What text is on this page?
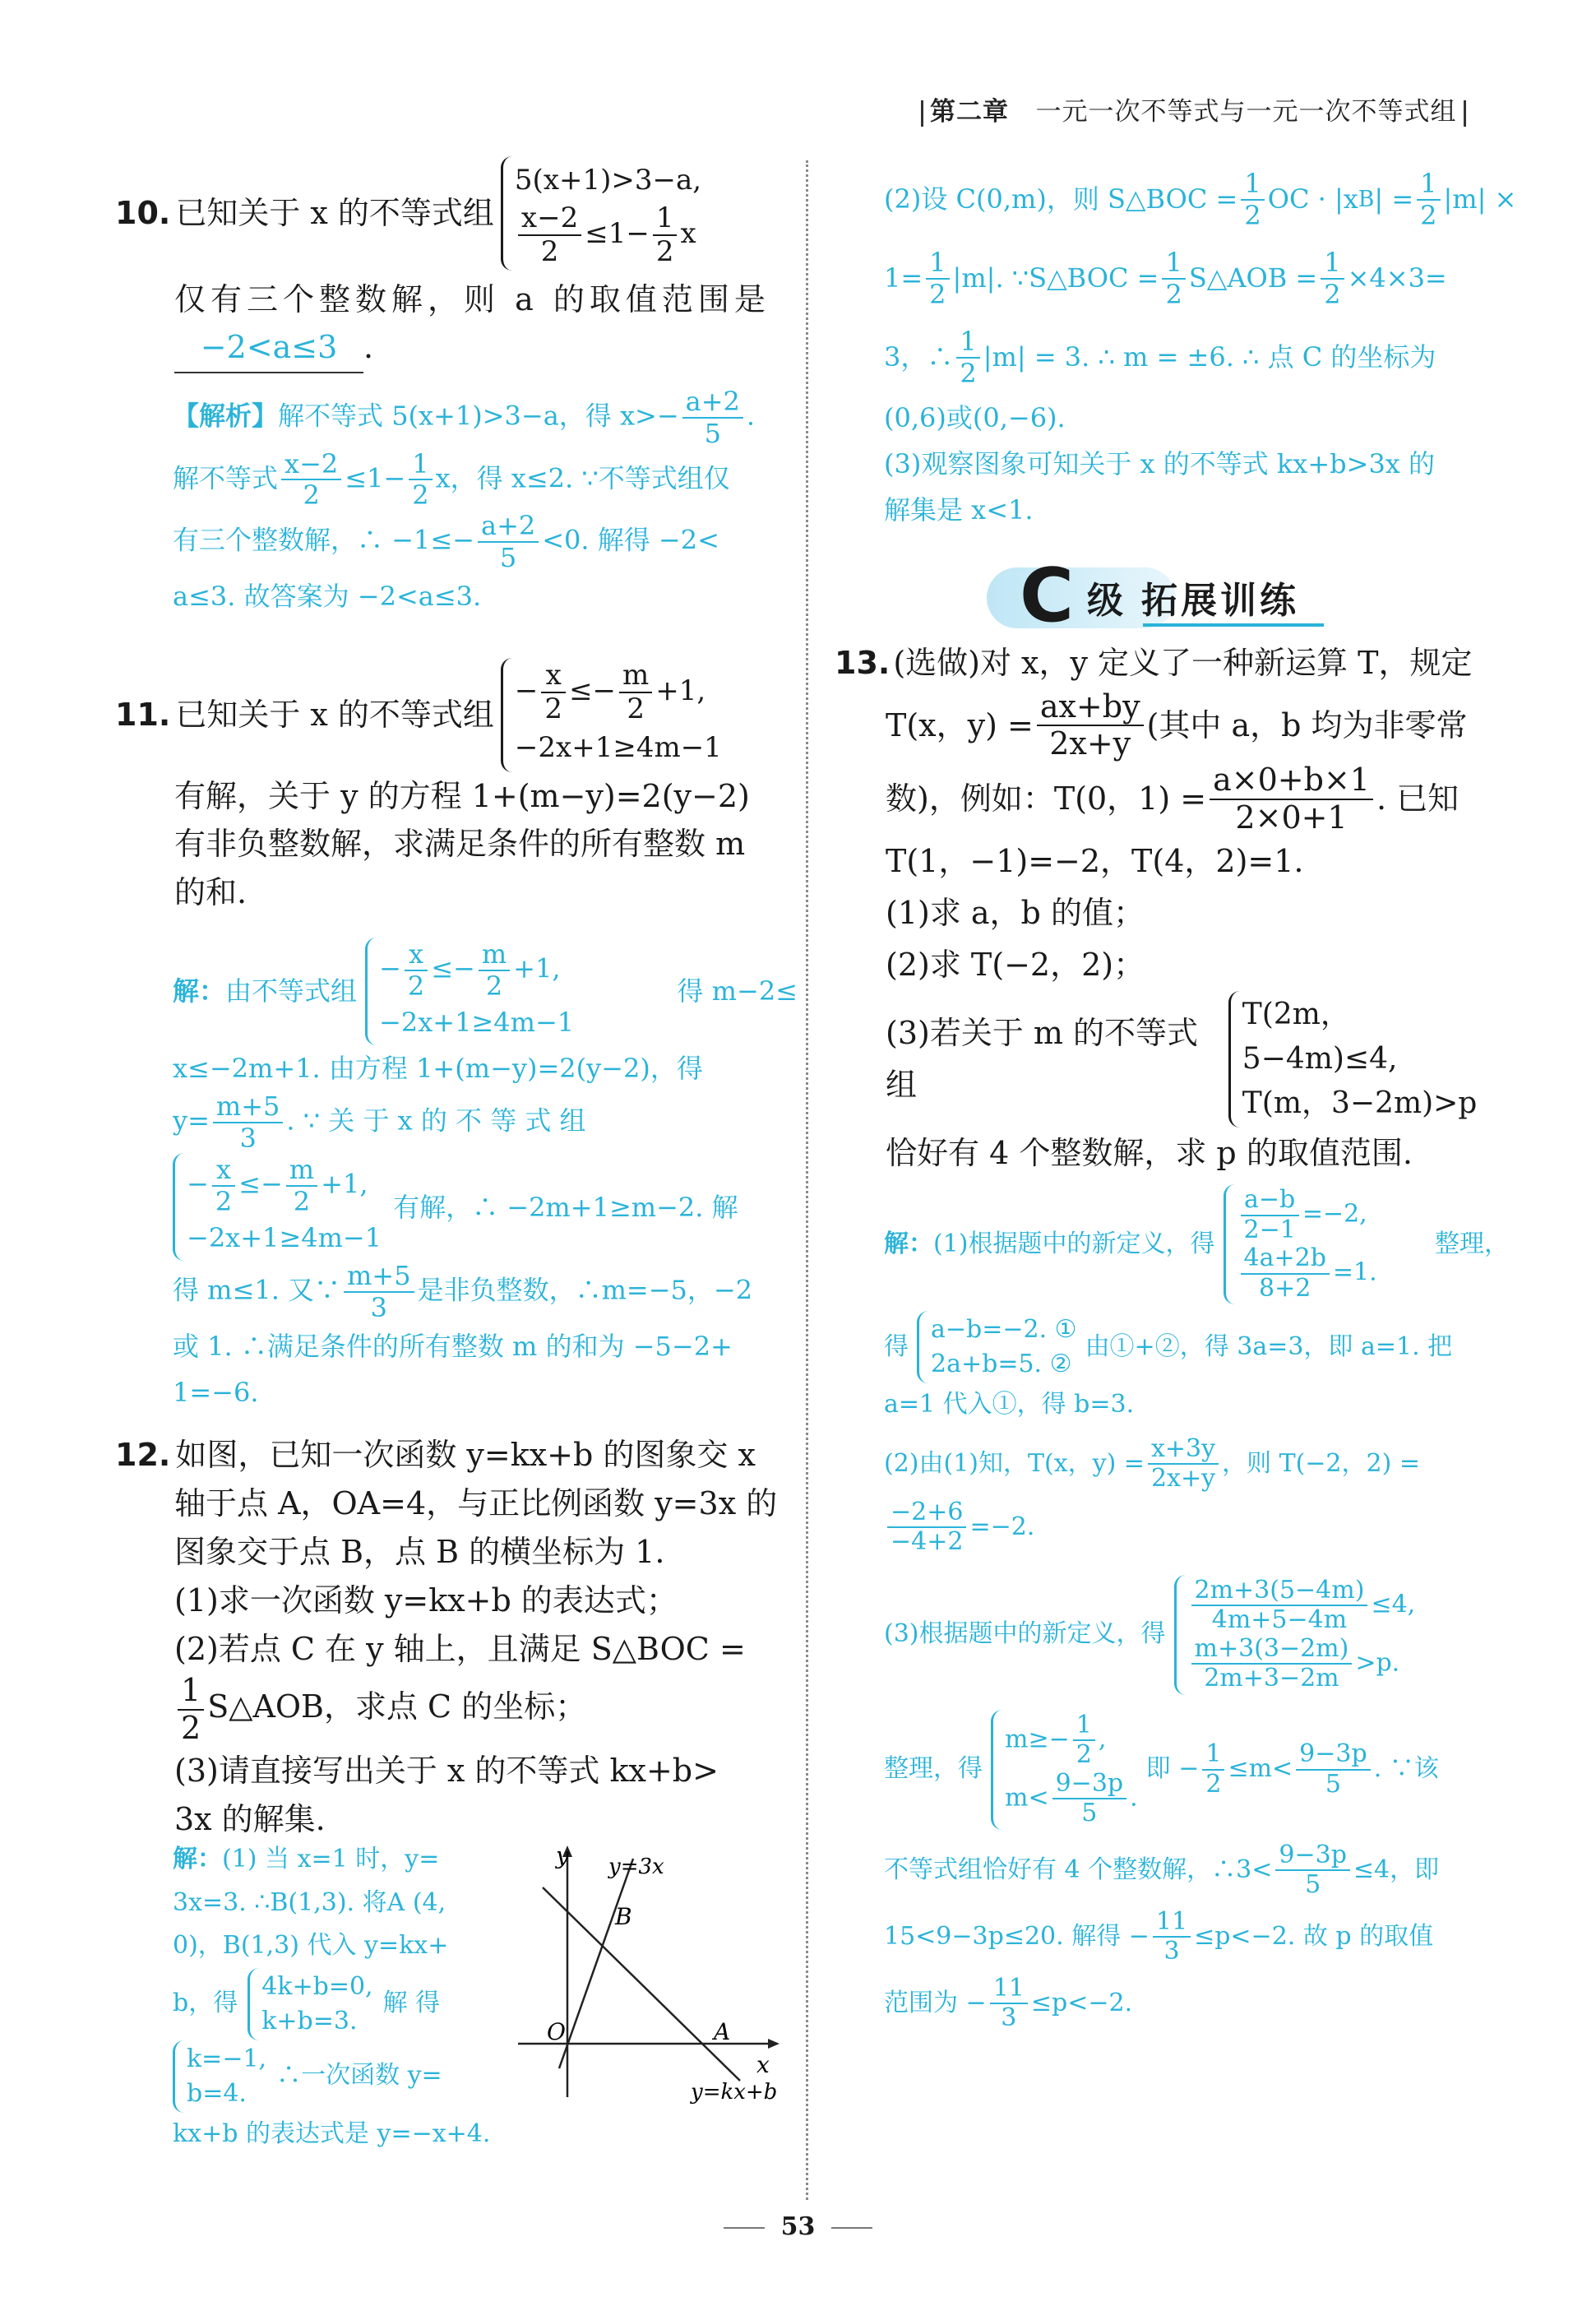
第二章 一元一次不等式与一元一次不等式组
10. 已知关于 x 的不等式组
5(x+1)>3−a,
$\frac{x-2}{2} \le 1- \frac{1}{2}$ x
仅有三个整数解，则 a 的取值范围是
−2<a≤3 .
【解析】解不等式 5(x+1)>3−a，得 $x>- \frac{a+2}{5}$ .
解不等式 $\frac{x-2}{2} \le 1- \frac{1}{2}$ x，得 x≤2. ∵不等式组仅
有三个整数解，∴ $-1\le- \frac{a+2}{5} <0$. 解得 −2<
a≤3. 故答案为 −2<a≤3.
11. 已知关于 x 的不等式组
− $\frac{x}{2} \le- \frac{m}{2} +1$,
−2x+1≥4m−1
有解，关于 y 的方程 1+(m−y)=2(y−2)
有非负整数解，求满足条件的所有整数 m
的和.
解： 由不等式组
− $\frac{x}{2} \le- \frac{m}{2} +1$,
−2x+1≥4m−1
得 m−2≤
x≤−2m+1. 由方程 1+(m−y)=2(y−2)，得
$y= \frac{m+5}{3}$ . ∵ 关 于 x 的 不 等 式 组
− $\frac{x}{2} \le- \frac{m}{2} +1$,
−2x+1≥4m−1
有解，∴ −2m+1≥m−2. 解
得 m≤1. 又∵ $\frac{m+5}{3}$ 是非负整数，∴m=−5，−2
或 1. ∴满足条件的所有整数 m 的和为 −5−2+
1=−6.
12. 如图，已知一次函数 y=kx+b 的图象交 x
轴于点 A，OA=4，与正比例函数 y=3x 的
图象交于点 B，点 B 的横坐标为 1.
(1)求一次函数 y=kx+b 的表达式；
(2)若点 C 在 y 轴上，且满足 S△BOC =
$\frac{1}{2}$ S△AOB，求点 C 的坐标；
(3)请直接写出关于 x 的不等式 kx+b>
3x 的解集.
解：(1) 当 x=1 时，y=
3x=3. ∴B(1,3). 将A (4,
0)，B(1,3) 代入 y=kx+
b，得
4k+b=0,
k+b=3.
解 得
k=−1,
b=4.
∴一次函数 y=
kx+b 的表达式是 y=−x+4.
y
x
O	A
B
y=3x
y=kx+b
(2)设 C(0,m)，则 S△BOC = $\frac{1}{2}$ OC · |x B | = $\frac{1}{2} |m|$ ×
$1= \frac{1}{2} |m|$. ∵S△BOC = $\frac{1}{2}$ S△AOB = $\frac{1}{2} \times 4\times 3=$
3，∴ $\frac{1}{2} |m| = 3$. ∴ m = ±6. ∴ 点 C 的坐标为
(0,6)或(0,−6).
(3)观察图象可知关于 x 的不等式 kx+b>3x 的
解集是 x<1.
C 级 拓展训练
13. (选做)对 x，y 定义了一种新运算 T，规定
T(x，$y) = \frac{ax+by}{2x+y}$ (其中 a，b 均为非零常
数)，例如：T(0，$1) = \frac{a\times 0+b\times 1}{2\times 0+1}$ . 已知
T(1，−1)=−2，T(4，2)=1.
(1)求 a，b 的值；
(2)求 T(−2，2)；
(3)若关于 m 的不等式组
T(2m，5−4m)≤4,
T(m，3−2m)>p
恰好有 4 个整数解，求 p 的取值范围.
解： (1)根据题中的新定义，得 $\frac{a-b}{2-1} =-2$,
$\frac{4a+2b}{8+2} =1$.
整理，
得
a−b=−2. ①
2a+b=5. ②
由①+②，得 3a=3，即 a=1. 把
a=1 代入①，得 b=3.
(2)由(1)知，T(x，$y) = \frac{x+3y}{2x+y}$ ，则 T(−2，2) =
$\frac{-2+6}{-4+2} =-2$.
(3)根据题中的新定义，得 $\frac{2m+3(5-4m)}{4m+5-4m} \le 4$,
$\frac{m+3(3-2m)}{2m+3-2m} >p$.
整理，得
$m\ge- \frac{1}{2}$ ,
$m< \frac{9-3p}{5}$ .
即 − $\frac{1}{2} \le m< \frac{9-3p}{5}$ . ∵该
不等式组恰好有 4 个整数解，∴3< $\frac{9-3p}{5} \le 4$，即
15<9−3p≤20. 解得 − $\frac{11}{3} \le p<-2$. 故 p 的取值
范围为 − $\frac{11}{3} \le p<-2$.
53
